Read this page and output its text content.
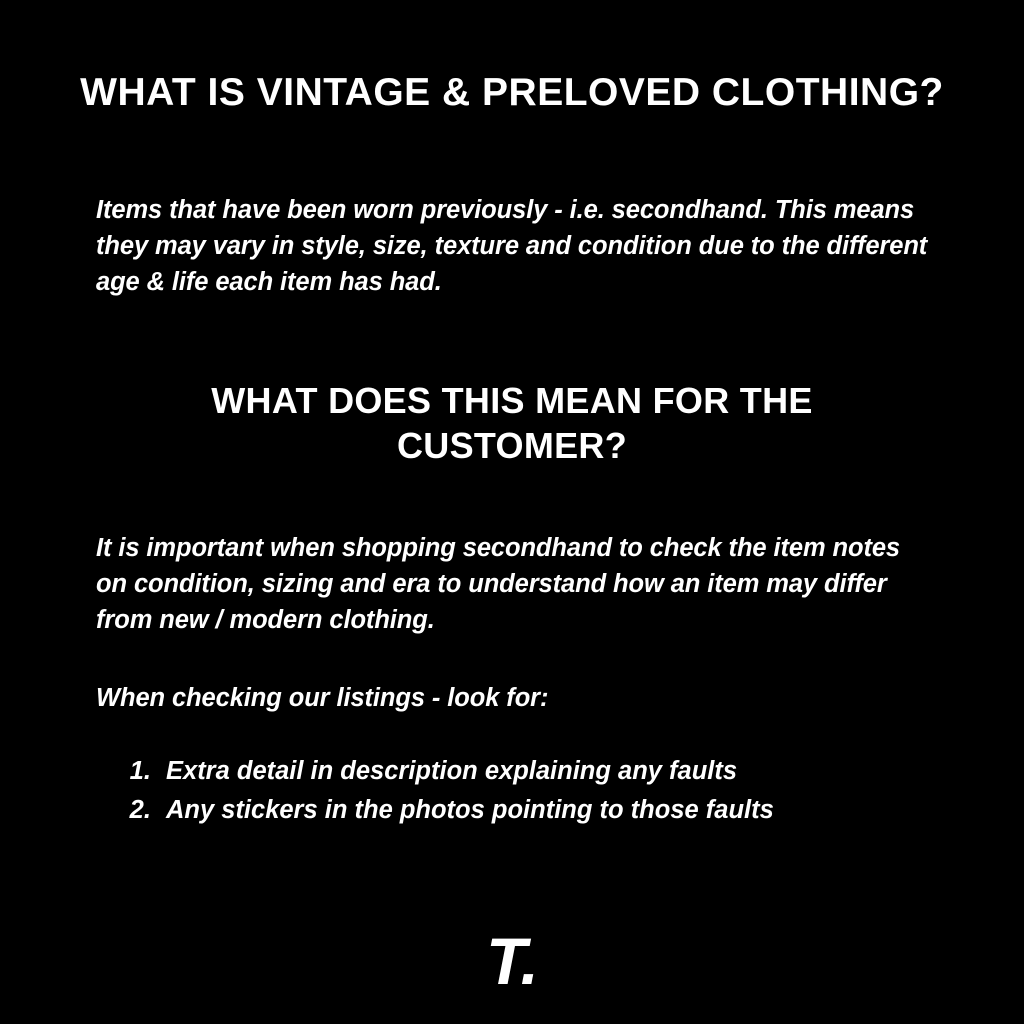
WHAT IS VINTAGE & PRELOVED CLOTHING?
Items that have been worn previously - i.e. secondhand. This means they may vary in style, size, texture and condition due to the different age & life each item has had.
WHAT DOES THIS MEAN FOR THE CUSTOMER?
It is important when shopping secondhand to check the item notes on condition, sizing and era to understand how an item may differ from new / modern clothing.
When checking our listings - look for:
1. Extra detail in description explaining any faults
2. Any stickers in the photos pointing to those faults
T.
